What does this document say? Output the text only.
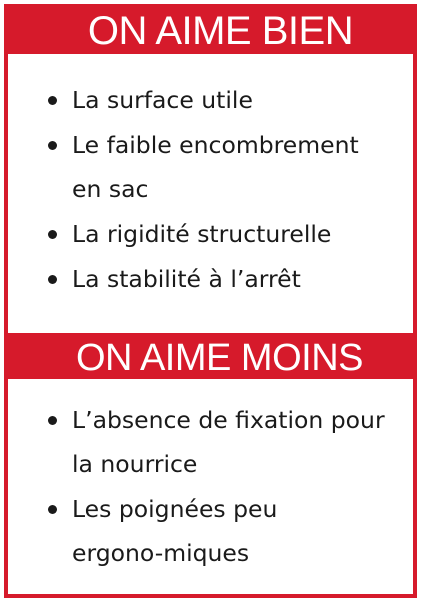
ON AIME BIEN
La surface utile
Le faible encombrement en sac
La rigidité structurelle
La stabilité à l’arrêt
ON AIME MOINS
L’absence de fixation pour la nourrice
Les poignées peu ergono-miques
